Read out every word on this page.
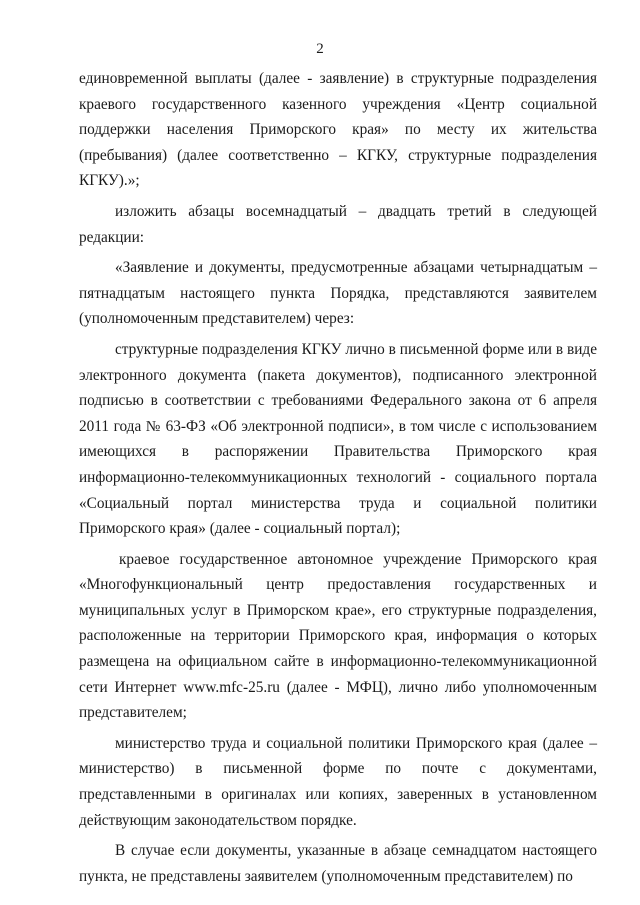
2

единовременной выплаты (далее - заявление) в структурные подразделения краевого государственного казенного учреждения «Центр социальной поддержки населения Приморского края» по месту их жительства (пребывания) (далее соответственно – КГКУ, структурные подразделения КГКУ).»;

изложить абзацы восемнадцатый – двадцать третий в следующей редакции:

«Заявление и документы, предусмотренные абзацами четырнадцатым – пятнадцатым настоящего пункта Порядка, представляются заявителем (уполномоченным представителем) через:

структурные подразделения КГКУ лично в письменной форме или в виде электронного документа (пакета документов), подписанного электронной подписью в соответствии с требованиями Федерального закона от 6 апреля 2011 года № 63-ФЗ «Об электронной подписи», в том числе с использованием имеющихся в распоряжении Правительства Приморского края информационно-телекоммуникационных технологий - социального портала «Социальный портал министерства труда и социальной политики Приморского края» (далее - социальный портал);

краевое государственное автономное учреждение Приморского края «Многофункциональный центр предоставления государственных и муниципальных услуг в Приморском крае», его структурные подразделения, расположенные на территории Приморского края, информация о которых размещена на официальном сайте в информационно-телекоммуникационной сети Интернет www.mfc-25.ru (далее - МФЦ), лично либо уполномоченным представителем;

министерство труда и социальной политики Приморского края (далее – министерство) в письменной форме по почте с документами, представленными в оригиналах или копиях, заверенных в установленном действующим законодательством порядке.

В случае если документы, указанные в абзаце семнадцатом настоящего пункта, не представлены заявителем (уполномоченным представителем) по
